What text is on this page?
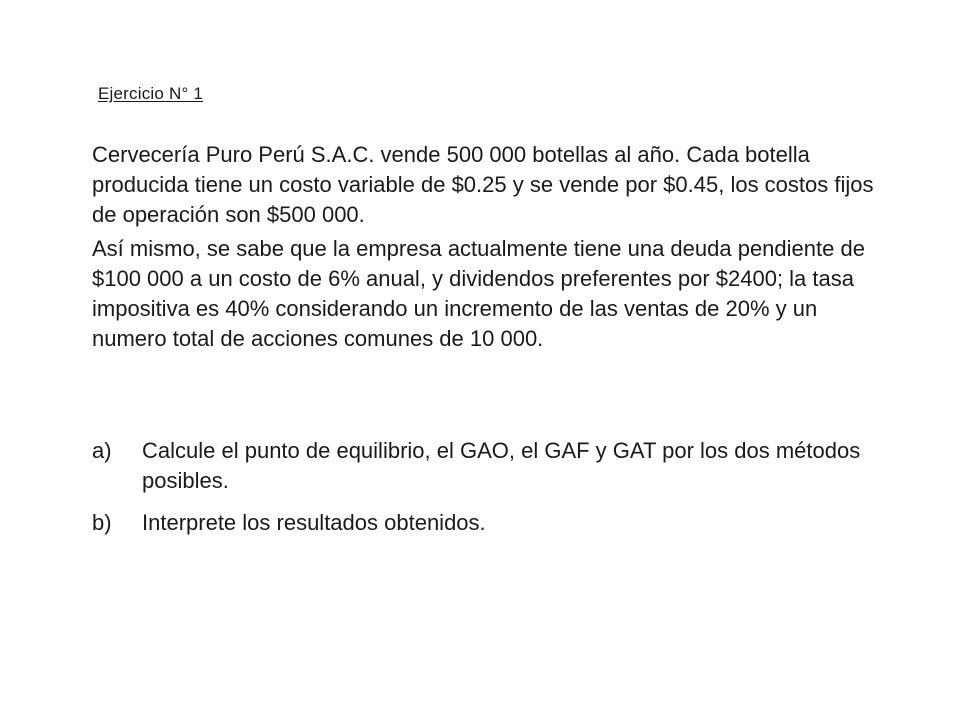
Ejercicio N° 1

Cervecería Puro Perú S.A.C. vende 500 000 botellas al año. Cada botella producida tiene un costo variable de $0.25 y se vende por $0.45, los costos fijos de operación son $500 000.

Así mismo, se sabe que la empresa actualmente tiene una deuda pendiente de $100 000 a un costo de 6% anual, y dividendos preferentes por $2400; la tasa impositiva es 40% considerando un incremento de las ventas de 20% y un numero total de acciones comunes de 10 000.

a)	Calcule el punto de equilibrio, el GAO, el GAF y GAT por los dos métodos posibles.
b)	Interprete los resultados obtenidos.
